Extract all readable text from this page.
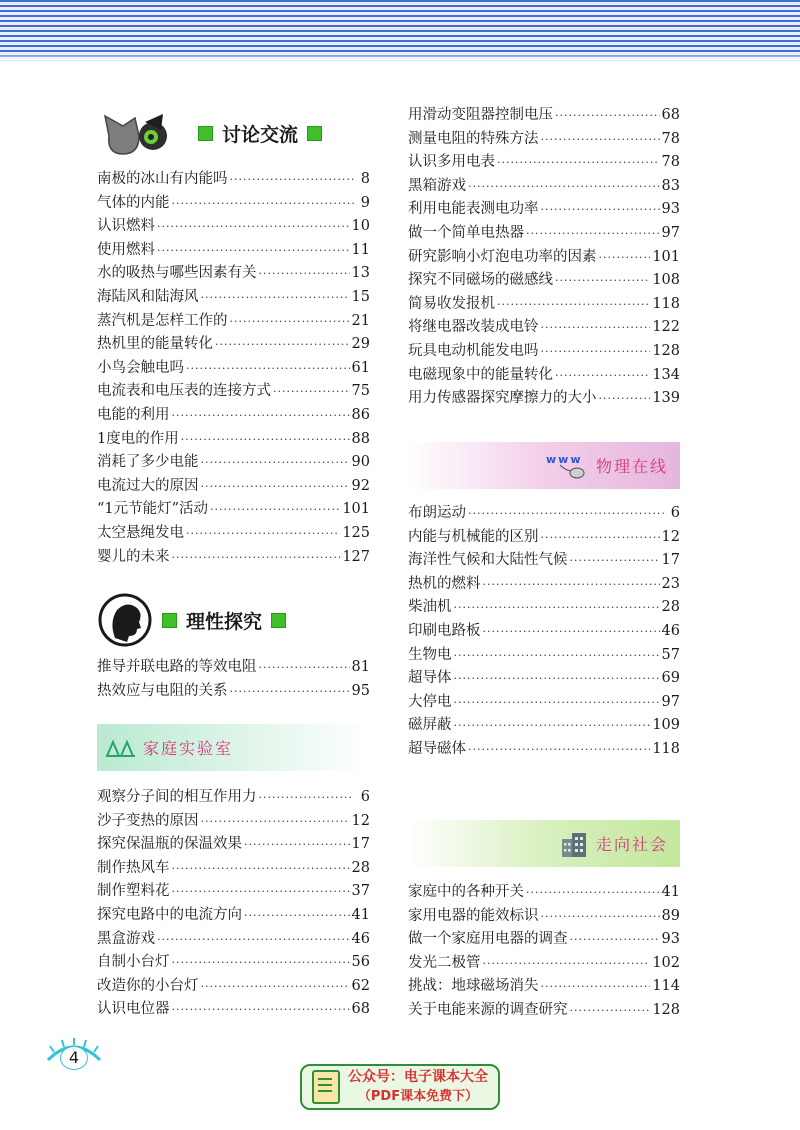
讨论交流
南极的冰山有内能吗 ·····	8
气体的内能 ·····	9
认识燃料 ·····	10
使用燃料 ·····	11
水的吸热与哪些因素有关 ·····	13
海陆风和陆海风 ·····	15
蒸汽机是怎样工作的 ·····	21
热机里的能量转化 ·····	29
小鸟会触电吗 ·····	61
电流表和电压表的连接方式 ·····	75
电能的利用 ·····	86
1度电的作用 ·····	88
消耗了多少电能 ·····	90
电流过大的原因 ·····	92
“1元节能灯”活动 ·····	101
太空悬绳发电 ·····	125
婴儿的未来 ·····	127
理性探究
推导并联电路的等效电阻 ·····	81
热效应与电阻的关系 ·····	95
观察分子间的相互作用力 ·····	6
沙子变热的原因 ·····	12
探究保温瓶的保温效果 ·····	17
制作热风车 ·····	28
制作塑料花 ·····	37
探究电路中的电流方向 ·····	41
黑盒游戏 ·····	46
自制小台灯 ·····	56
改造你的小台灯 ·····	62
认识电位器 ·····	68
家庭实验室
用滑动变阻器控制电压 ·····	68
测量电阻的特殊方法 ·····	78
认识多用电表 ·····	78
黑箱游戏 ·····	83
利用电能表测电功率 ·····	93
做一个简单电热器 ·····	97
研究影响小灯泡电功率的因素 ·····	101
探究不同磁场的磁感线 ·····	108
简易收发报机 ·····	118
将继电器改装成电铃 ·····	122
玩具电动机能发电吗 ·····	128
电磁现象中的能量转化 ·····	134
用力传感器探究摩擦力的大小 ·····	139
布朗运动 ·····	6
内能与机械能的区别 ·····	12
海洋性气候和大陆性气候 ·····	17
热机的燃料 ·····	23
柴油机 ·····	28
印刷电路板 ·····	46
生物电 ·····	57
超导体 ·····	69
大停电 ·····	97
磁屏蔽 ·····	109
超导磁体 ·····	118
家庭中的各种开关 ·····	41
家用电器的能效标识 ·····	89
做一个家庭用电器的调查 ·····	93
发光二极管 ·····	102
挑战：地球磁场消失 ·····	114
关于电能来源的调查研究 ·····	128
www 物理在线
走向社会
4
公众号：电子课本大全
（PDF课本免费下）
